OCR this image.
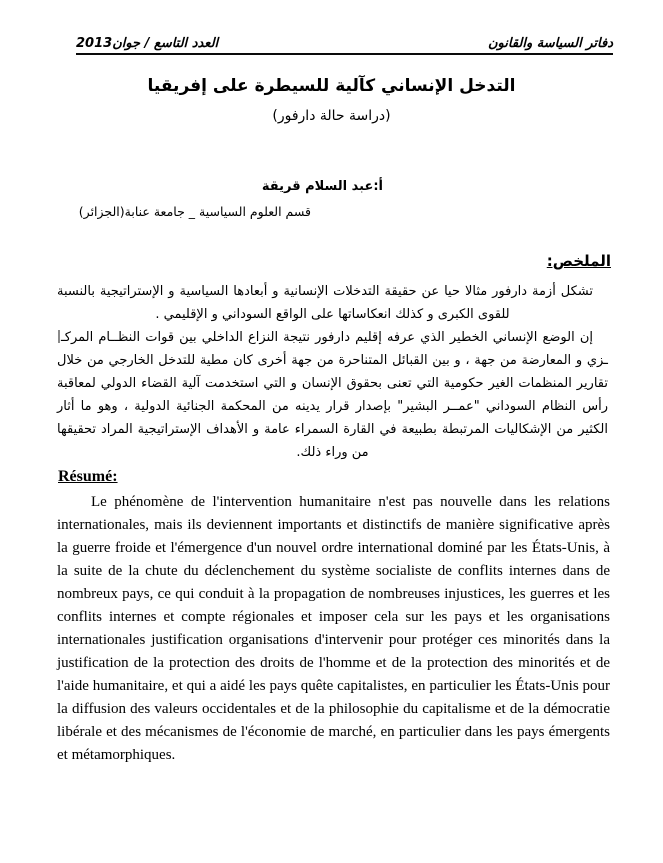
العدد التاسع / جوان2013	دفاتر السياسة والقانون
التدخل الإنساني كآلية للسيطرة على إفريقيا
(دراسة حالة دارفور)
أ:عبد السلام قريقة
قسم العلوم السياسية _ جامعة عنابة(الجزائر)
الملخص:

تشكل أزمة دارفور مثالا حيا عن حقيقة التدخلات الإنسانية و أبعادها السياسية و الإستراتيجية بالنسبة للقوى الكبرى و كذلك انعكاساتها على الواقع السوداني و الإقليمي .

إن الوضع الإنساني الخطير الذي عرفه إقليم دارفور نتيجة النزاع الداخلي بين قوات النظــام المركــزي و المعارضة من جهة ، و بين القبائل المتناحرة من جهة أخرى كان مطية للتدخل الخارجي من خلال تقارير المنظمات الغير حكومية التي تعنى بحقوق الإنسان و التي استخدمت آلية القضاء الدولي لمعاقبة رأس النظام السوداني "عمــر البشير" بإصدار قرار يدينه من المحكمة الجنائية الدولية ، وهو ما أثار الكثير من الإشكاليات المرتبطة بطبيعة في القارة السمراء عامة و الأهداف الإستراتيجية المراد تحقيقها من وراء ذلك.

Résumé:

Le phénomène de l'intervention humanitaire n'est pas nouvelle dans les relations internationales, mais ils deviennent importants et distinctifs de manière significative après la guerre froide et l'émergence d'un nouvel ordre international dominé par les États-Unis, à la suite de la chute du déclenchement du système socialiste de conflits internes dans de nombreux pays, ce qui conduit à la propagation de nombreuses injustices, les guerres et les conflits internes et compte régionales et imposer cela sur les pays et les organisations internationales justification organisations d'intervenir pour protéger ces minorités dans la justification de la protection des droits de l'homme et de la protection des minorités et de l'aide humanitaire, et qui a aidé les pays quête capitalistes, en particulier les États-Unis pour la diffusion des valeurs occidentales et de la philosophie du capitalisme et de la démocratie libérale et des mécanismes de l'économie de marché, en particulier dans les pays émergents et métamorphiques.
